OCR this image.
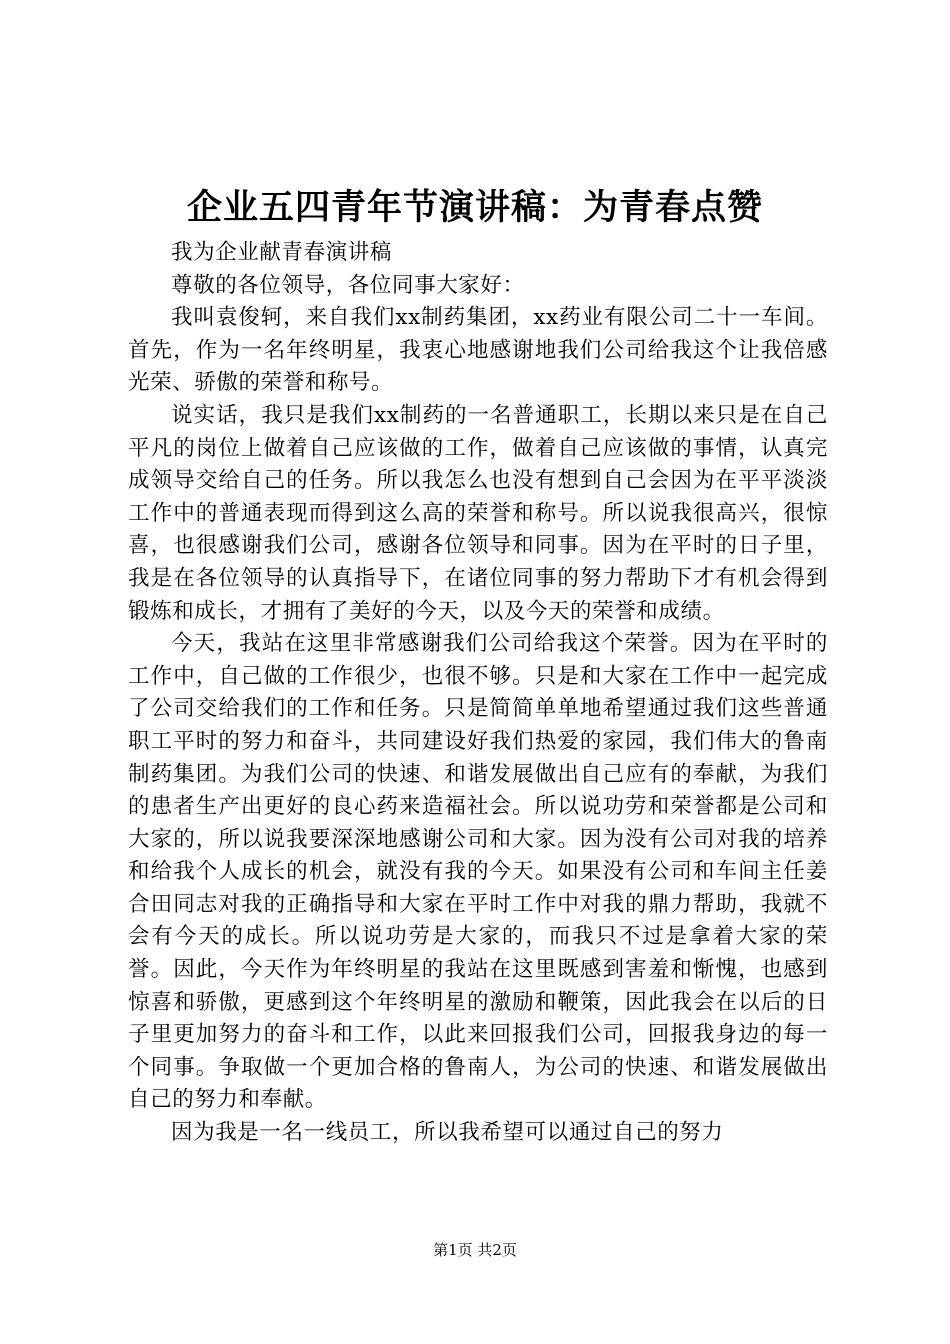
企业五四青年节演讲稿：为青春点赞

我为企业献青春演讲稿

尊敬的各位领导，各位同事大家好：

我叫袁俊轲，来自我们xx制药集团，xx药业有限公司二十一车间。首先，作为一名年终明星，我衷心地感谢地我们公司给我这个让我倍感光荣、骄傲的荣誉和称号。

说实话，我只是我们xx制药的一名普通职工，长期以来只是在自己平凡的岗位上做着自己应该做的工作，做着自己应该做的事情，认真完成领导交给自己的任务。所以我怎么也没有想到自己会因为在平平淡淡工作中的普通表现而得到这么高的荣誉和称号。所以说我很高兴，很惊喜，也很感谢我们公司，感谢各位领导和同事。因为在平时的日子里，我是在各位领导的认真指导下，在诸位同事的努力帮助下才有机会得到锻炼和成长，才拥有了美好的今天，以及今天的荣誉和成绩。

今天，我站在这里非常感谢我们公司给我这个荣誉。因为在平时的工作中，自己做的工作很少，也很不够。只是和大家在工作中一起完成了公司交给我们的工作和任务。只是简简单单地希望通过我们这些普通职工平时的努力和奋斗，共同建设好我们热爱的家园，我们伟大的鲁南制药集团。为我们公司的快速、和谐发展做出自己应有的奉献，为我们的患者生产出更好的良心药来造福社会。所以说功劳和荣誉都是公司和大家的，所以说我要深深地感谢公司和大家。因为没有公司对我的培养和给我个人成长的机会，就没有我的今天。如果没有公司和车间主任姜合田同志对我的正确指导和大家在平时工作中对我的鼎力帮助，我就不会有今天的成长。所以说功劳是大家的，而我只不过是拿着大家的荣誉。因此，今天作为年终明星的我站在这里既感到害羞和惭愧，也感到惊喜和骄傲，更感到这个年终明星的激励和鞭策，因此我会在以后的日子里更加努力的奋斗和工作，以此来回报我们公司，回报我身边的每一个同事。争取做一个更加合格的鲁南人，为公司的快速、和谐发展做出自己的努力和奉献。

因为我是一名一线员工，所以我希望可以通过自己的努力

第1页 共2页
